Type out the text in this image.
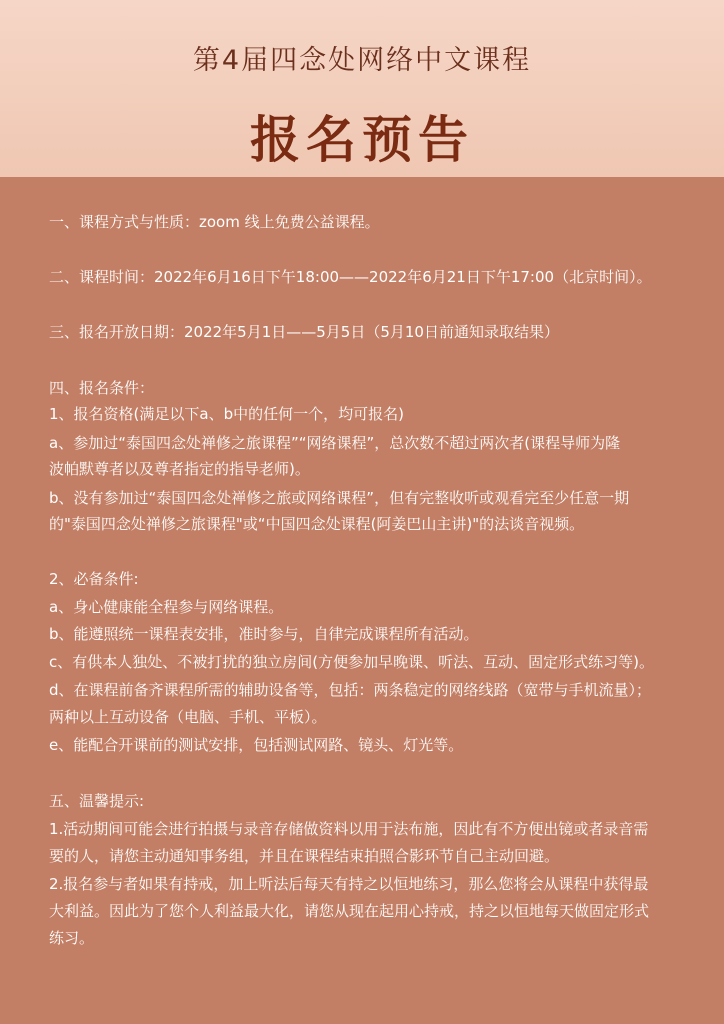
第4届四念处网络中文课程
报名预告
一、课程方式与性质：zoom 线上免费公益课程。
二、课程时间：2022年6月16日下午18:00——2022年6月21日下午17:00（北京时间）。
三、报名开放日期：2022年5月1日——5月5日（5月10日前通知录取结果）
四、报名条件：
1、报名资格(满足以下a、b中的任何一个，均可报名)
a、参加过“泰国四念处禅修之旅课程”“网络课程”，总次数不超过两次者(课程导师为隆
波帕默尊者以及尊者指定的指导老师)。
b、没有参加过“泰国四念处禅修之旅或网络课程”，但有完整收听或观看完至少任意一期
的"泰国四念处禅修之旅课程"或“中国四念处课程(阿姜巴山主讲)"的法谈音视频。
2、必备条件:
a、身心健康能全程参与网络课程。
b、能遵照统一课程表安排，准时参与，自律完成课程所有活动。
c、有供本人独处、不被打扰的独立房间(方便参加早晚课、听法、互动、固定形式练习等)。
d、在课程前备齐课程所需的辅助设备等，包括：两条稳定的网络线路（宽带与手机流量）；
两种以上互动设备（电脑、手机、平板）。
e、能配合开课前的测试安排，包括测试网路、镜头、灯光等。
五、温馨提示:
1.活动期间可能会进行拍摄与录音存储做资料以用于法布施，因此有不方便出镜或者录音需
要的人，请您主动通知事务组，并且在课程结束拍照合影环节自己主动回避。
2.报名参与者如果有持戒，加上听法后每天有持之以恒地练习，那么您将会从课程中获得最
大利益。因此为了您个人利益最大化，请您从现在起用心持戒，持之以恒地每天做固定形式
练习。
